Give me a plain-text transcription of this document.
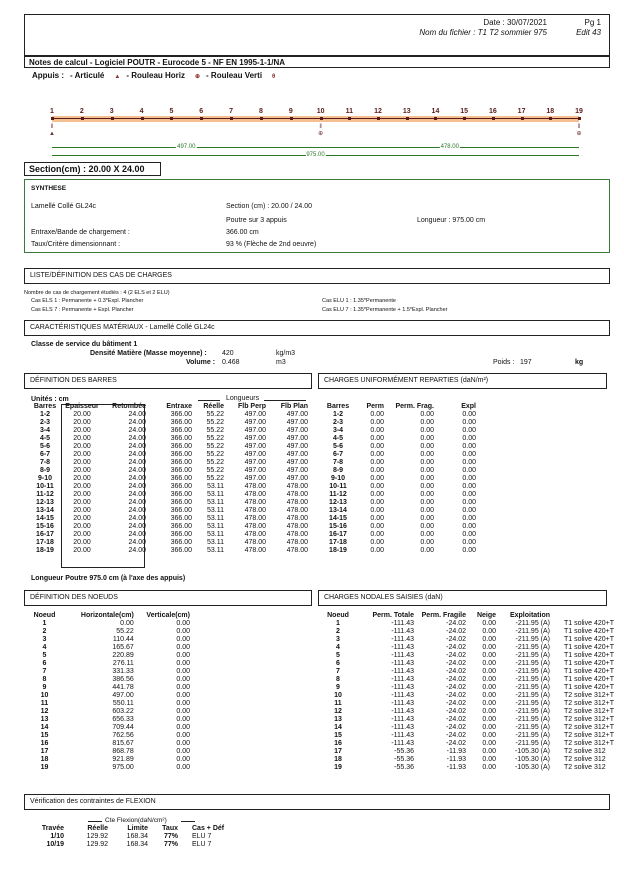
Date : 30/07/2021	Pg 1
Nom du fichier : T1 T2 sommier 975	Edit 43
Notes de calcul - Logiciel POUTR - Eurocode 5 - NF EN 1995-1-1/NA
Appuis : - Articulé ▲ - Rouleau Horiz ⊕ - Rouleau Verti θ
1	2	3	4	5	6	7	8	9	10	11	12	13	14	15	16	17	18	19
‖
▲
‖
⊕
‖
⊕
497.00	478.00
975.00
Section(cm) : 20.00 X 24.00
SYNTHESE
Lamellé Collé GL24c	Section (cm) : 20.00 / 24.00
Poutre sur 3 appuis	Longueur : 975.00 cm
Entraxe/Bande de chargement :	366.00 cm
Taux/Critère dimensionnant :	93 % (Flèche de 2nd oeuvre)
LISTE/DÉFINITION DES CAS DE CHARGES
Nombre de cas de chargement étudiés : 4 (2 ELS et 2 ELU)
Cas ELS 1 : Permanente + 0.3*Expl. Plancher
Cas ELS 7 : Permanente + Expl. Plancher
Cas ELU 1 : 1.35*Permanente
Cas ELU 7 : 1.35*Permanente + 1.5*Expl. Plancher
CARACTÉRISTIQUES MATÉRIAUX - Lamellé Collé GL24c
Classe de service du bâtiment 1
Densité Matière (Masse moyenne) : 420	kg/m3
Volume : 0.468	m3	Poids : 197	kg
DÉFINITION DES BARRES
Unités : cm	Longueurs
Barres	Epaisseur	Retombée	Entraxe	Réelle	Flb Perp	Flb Plan
1-2	20.00	24.00	366.00	55.22	497.00	497.00
2-3	20.00	24.00	366.00	55.22	497.00	497.00
3-4	20.00	24.00	366.00	55.22	497.00	497.00
4-5	20.00	24.00	366.00	55.22	497.00	497.00
5-6	20.00	24.00	366.00	55.22	497.00	497.00
6-7	20.00	24.00	366.00	55.22	497.00	497.00
7-8	20.00	24.00	366.00	55.22	497.00	497.00
8-9	20.00	24.00	366.00	55.22	497.00	497.00
9-10	20.00	24.00	366.00	55.22	497.00	497.00
10-11	20.00	24.00	366.00	53.11	478.00	478.00
11-12	20.00	24.00	366.00	53.11	478.00	478.00
12-13	20.00	24.00	366.00	53.11	478.00	478.00
13-14	20.00	24.00	366.00	53.11	478.00	478.00
14-15	20.00	24.00	366.00	53.11	478.00	478.00
15-16	20.00	24.00	366.00	53.11	478.00	478.00
16-17	20.00	24.00	366.00	53.11	478.00	478.00
17-18	20.00	24.00	366.00	53.11	478.00	478.00
18-19	20.00	24.00	366.00	53.11	478.00	478.00
Longueur Poutre 975.0 cm (à l'axe des appuis)
CHARGES UNIFORMÉMENT REPARTIES (daN/m²)
Barres	Perm	Perm. Frag.	Expl
1-2	0.00	0.00	0.00
2-3	0.00	0.00	0.00
3-4	0.00	0.00	0.00
4-5	0.00	0.00	0.00
5-6	0.00	0.00	0.00
6-7	0.00	0.00	0.00
7-8	0.00	0.00	0.00
8-9	0.00	0.00	0.00
9-10	0.00	0.00	0.00
10-11	0.00	0.00	0.00
11-12	0.00	0.00	0.00
12-13	0.00	0.00	0.00
13-14	0.00	0.00	0.00
14-15	0.00	0.00	0.00
15-16	0.00	0.00	0.00
16-17	0.00	0.00	0.00
17-18	0.00	0.00	0.00
18-19	0.00	0.00	0.00
DÉFINITION DES NOEUDS
Noeud	Horizontale(cm)	Verticale(cm)
1	0.00	0.00
2	55.22	0.00
3	110.44	0.00
4	165.67	0.00
5	220.89	0.00
6	276.11	0.00
7	331.33	0.00
8	386.56	0.00
9	441.78	0.00
10	497.00	0.00
11	550.11	0.00
12	603.22	0.00
13	656.33	0.00
14	709.44	0.00
15	762.56	0.00
16	815.67	0.00
17	868.78	0.00
18	921.89	0.00
19	975.00	0.00
CHARGES NODALES SAISIES (daN)
Noeud	Perm. Totale	Perm. Fragile	Neige	Exploitation	
1	-111.43	-24.02	0.00	-211.95 (A)	T1 solive 420+T
2	-111.43	-24.02	0.00	-211.95 (A)	T1 solive 420+T
3	-111.43	-24.02	0.00	-211.95 (A)	T1 solive 420+T
4	-111.43	-24.02	0.00	-211.95 (A)	T1 solive 420+T
5	-111.43	-24.02	0.00	-211.95 (A)	T1 solive 420+T
6	-111.43	-24.02	0.00	-211.95 (A)	T1 solive 420+T
7	-111.43	-24.02	0.00	-211.95 (A)	T1 solive 420+T
8	-111.43	-24.02	0.00	-211.95 (A)	T1 solive 420+T
9	-111.43	-24.02	0.00	-211.95 (A)	T1 solive 420+T
10	-111.43	-24.02	0.00	-211.95 (A)	T2 solive 312+T
11	-111.43	-24.02	0.00	-211.95 (A)	T2 solive 312+T
12	-111.43	-24.02	0.00	-211.95 (A)	T2 solive 312+T
13	-111.43	-24.02	0.00	-211.95 (A)	T2 solive 312+T
14	-111.43	-24.02	0.00	-211.95 (A)	T2 solive 312+T
15	-111.43	-24.02	0.00	-211.95 (A)	T2 solive 312+T
16	-111.43	-24.02	0.00	-211.95 (A)	T2 solive 312+T
17	-55.36	-11.93	0.00	-105.30 (A)	T2 solive 312
18	-55.36	-11.93	0.00	-105.30 (A)	T2 solive 312
19	-55.36	-11.93	0.00	-105.30 (A)	T2 solive 312
Vérification des contraintes de FLEXION
Cte Flexion(daN/cm²)
Travée	Réelle	Limite	Taux	Cas + Déf
1/10	129.92	168.34	77%	ELU 7
10/19	129.92	168.34	77%	ELU 7
